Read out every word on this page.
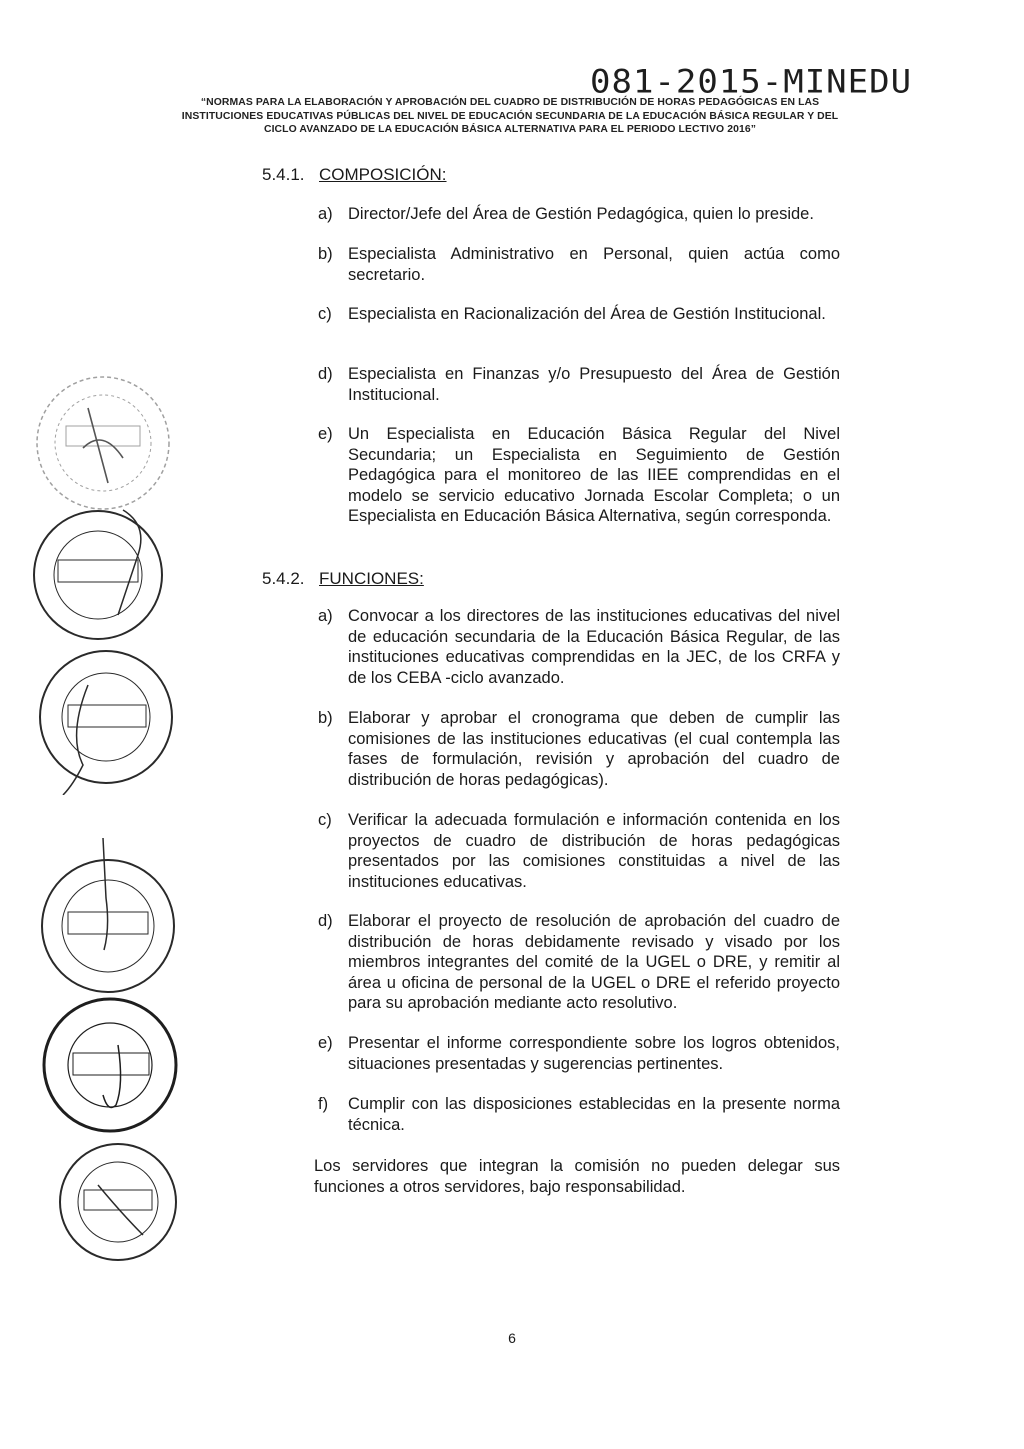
081-2015-MINEDU
“NORMAS PARA LA ELABORACIÓN Y APROBACIÓN DEL CUADRO DE DISTRIBUCIÓN DE HORAS PEDAGÓGICAS EN LAS
INSTITUCIONES EDUCATIVAS PÚBLICAS DEL NIVEL DE EDUCACIÓN SECUNDARIA DE LA EDUCACIÓN BÁSICA REGULAR Y DEL
CICLO AVANZADO DE LA EDUCACIÓN BÁSICA ALTERNATIVA PARA EL PERIODO LECTIVO 2016”
5.4.1. COMPOSICIÓN:
a) Director/Jefe del Área de Gestión Pedagógica, quien lo preside.
b) Especialista Administrativo en Personal, quien actúa como secretario.
c) Especialista en Racionalización del Área de Gestión Institucional.
d) Especialista en Finanzas y/o Presupuesto del Área de Gestión Institucional.
e) Un Especialista en Educación Básica Regular del Nivel Secundaria; un Especialista en Seguimiento de Gestión Pedagógica para el monitoreo de las IIEE comprendidas en el modelo se servicio educativo Jornada Escolar Completa; o un Especialista en Educación Básica Alternativa, según corresponda.
5.4.2. FUNCIONES:
a) Convocar a los directores de las instituciones educativas del nivel de educación secundaria de la Educación Básica Regular, de las instituciones educativas comprendidas en la JEC, de los CRFA y de los CEBA -ciclo avanzado.
b) Elaborar y aprobar el cronograma que deben de cumplir las comisiones de las instituciones educativas (el cual contempla las fases de formulación, revisión y aprobación del cuadro de distribución de horas pedagógicas).
c) Verificar la adecuada formulación e información contenida en los proyectos de cuadro de distribución de horas pedagógicas presentados por las comisiones constituidas a nivel de las instituciones educativas.
d) Elaborar el proyecto de resolución de aprobación del cuadro de distribución de horas debidamente revisado y visado por los miembros integrantes del comité de la UGEL o DRE, y remitir al área u oficina de personal de la UGEL o DRE el referido proyecto para su aprobación mediante acto resolutivo.
e) Presentar el informe correspondiente sobre los logros obtenidos, situaciones presentadas y sugerencias pertinentes.
f) Cumplir con las disposiciones establecidas en la presente norma técnica.
Los servidores que integran la comisión no pueden delegar sus funciones a otros servidores, bajo responsabilidad.
6
